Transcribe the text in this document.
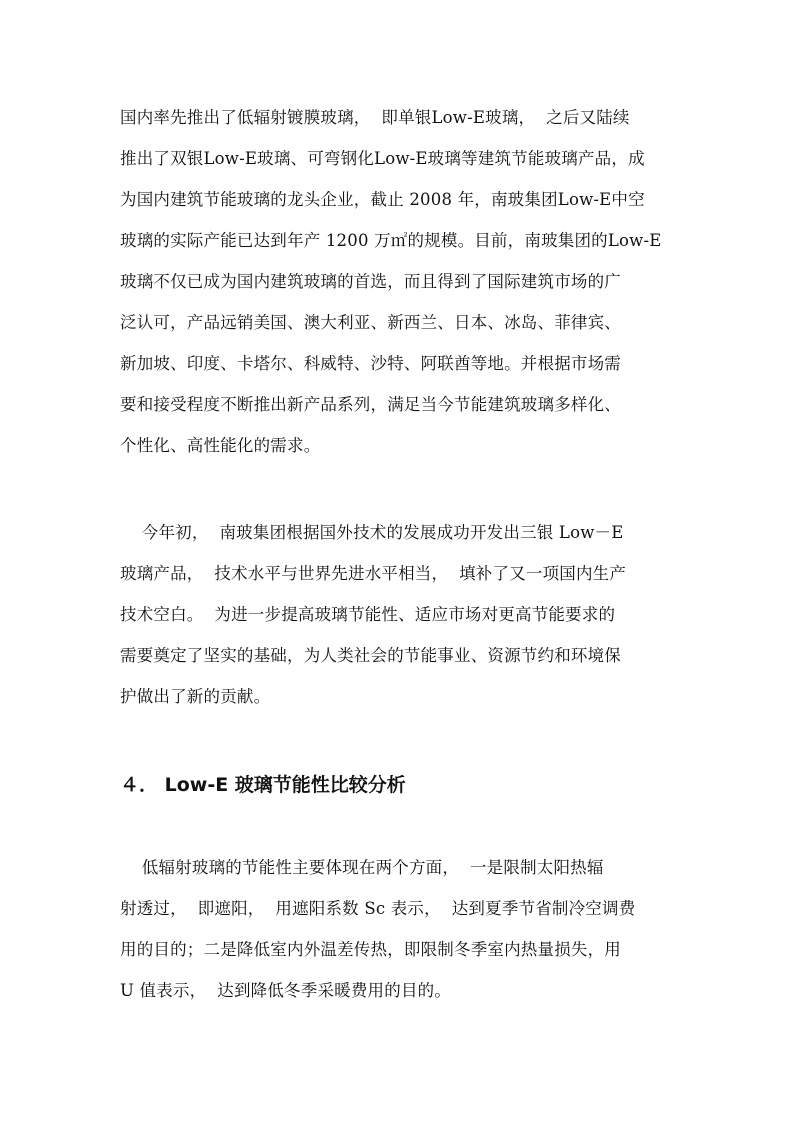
国内率先推出了低辐射镀膜玻璃，  即单银Low-E玻璃，  之后又陆续
推出了双银Low-E玻璃、可弯钢化Low-E玻璃等建筑节能玻璃产品，成
为国内建筑节能玻璃的龙头企业，截止 2008 年，南玻集团Low-E中空
玻璃的实际产能已达到年产 1200 万㎡的规模。目前，南玻集团的Low-E
玻璃不仅已成为国内建筑玻璃的首选，而且得到了国际建筑市场的广
泛认可，产品远销美国、澳大利亚、新西兰、日本、冰岛、菲律宾、
新加坡、印度、卡塔尔、科威特、沙特、阿联酋等地。并根据市场需
要和接受程度不断推出新产品系列，满足当今节能建筑玻璃多样化、
个性化、高性能化的需求。
今年初，  南玻集团根据国外技术的发展成功开发出三银 Low－E
玻璃产品，  技术水平与世界先进水平相当，  填补了又一项国内生产
技术空白。  为进一步提高玻璃节能性、适应市场对更高节能要求的
需要奠定了坚实的基础，为人类社会的节能事业、资源节约和环境保
护做出了新的贡献。
４． Low-E 玻璃节能性比较分析
低辐射玻璃的节能性主要体现在两个方面，  一是限制太阳热辐
射透过，  即遮阳，  用遮阳系数 Sc 表示，  达到夏季节省制冷空调费
用的目的；二是降低室内外温差传热，即限制冬季室内热量损失，用
U 值表示，  达到降低冬季采暖费用的目的。
